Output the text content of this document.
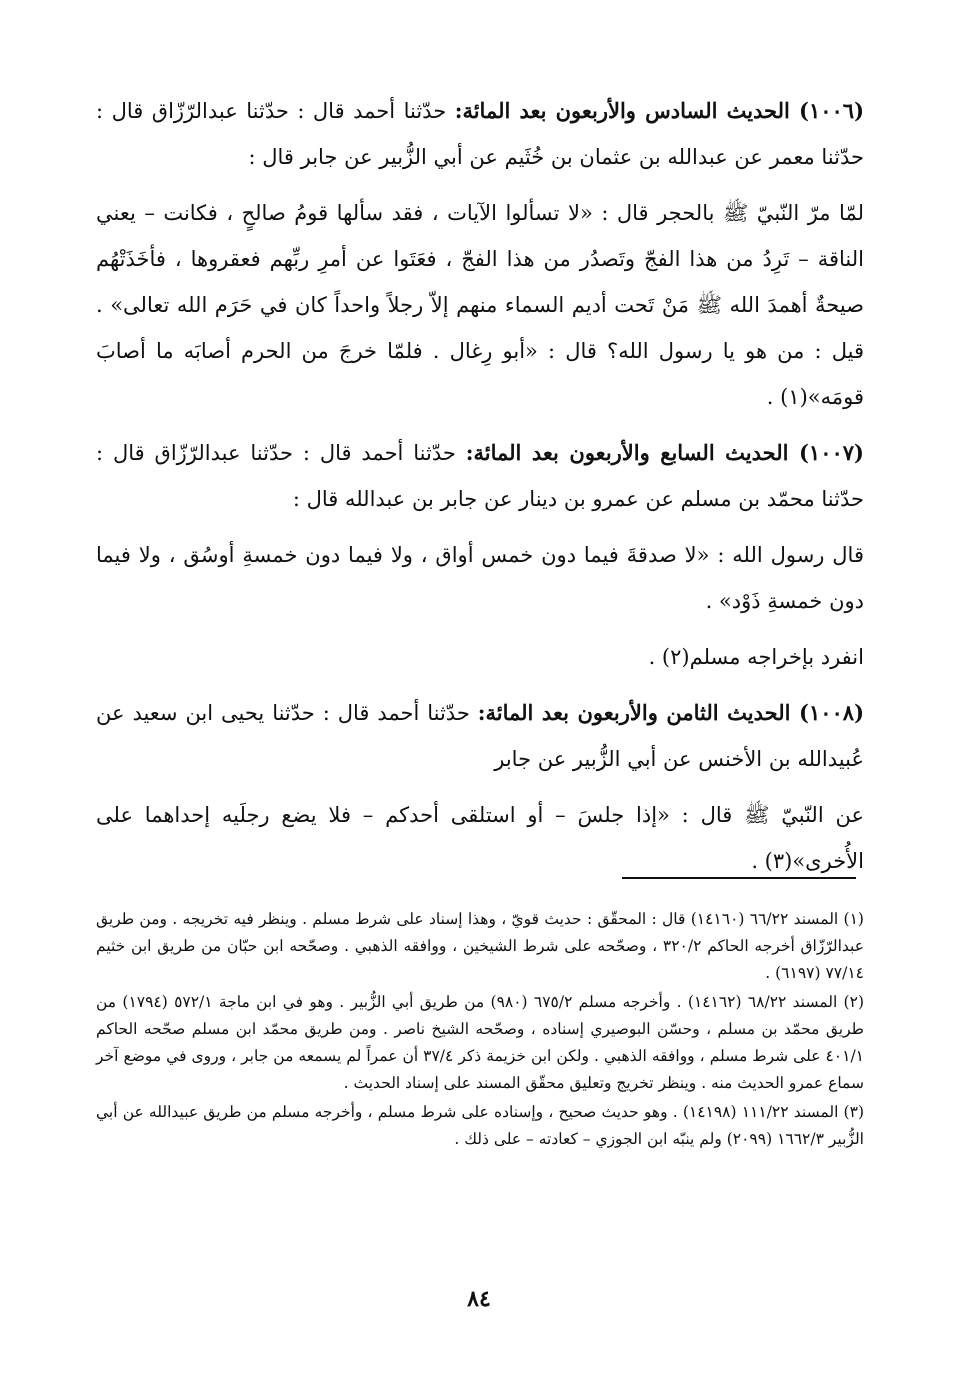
(١٠٠٦) الحديث السادس والأربعون بعد المائة: حدّثنا أحمد قال : حدّثنا عبدالرّزّاق قال : حدّثنا معمر عن عبدالله بن عثمان بن خُثَيم عن أبي الزُّبير عن جابر قال :

لمّا مرّ النّبيّ ﷺ بالحجر قال : «لا تسألوا الآيات ، فقد سألها قومُ صالحٍ ، فكانت – يعني الناقة – تَرِدُ من هذا الفجّ وتَصدُر من هذا الفجّ ، فعَتَوا عن أمرِ ربِّهم فعقروها ، فأخَذَتْهُم صيحةٌ أهمدَ الله ﷺ مَنْ تَحت أديم السماء منهم إلاّ رجلاً واحداً كان في حَرَم الله تعالى» . قيل : من هو يا رسول الله؟ قال : «أبو رِغال . فلمّا خرجَ من الحرم أصابَه ما أصابَ قومَه»(١) .

(١٠٠٧) الحديث السابع والأربعون بعد المائة: حدّثنا أحمد قال : حدّثنا عبدالرّزّاق قال : حدّثنا محمّد بن مسلم عن عمرو بن دينار عن جابر بن عبدالله قال :

قال رسول الله : «لا صدقةَ فيما دون خمس أواق ، ولا فيما دون خمسةِ أوسُق ، ولا فيما دون خمسةِ ذَوْد» .

انفرد بإخراجه مسلم(٢) .

(١٠٠٨) الحديث الثامن والأربعون بعد المائة: حدّثنا أحمد قال : حدّثنا يحيى ابن سعيد عن عُبيدالله بن الأخنس عن أبي الزُّبير عن جابر

عن النّبيّ ﷺ قال : «إذا جلسَ – أو استلقى أحدكم – فلا يضع رجلَيه إحداهما على الأُخرى»(٣) .

(١) المسند ٦٦/٢٢ (١٤١٦٠) قال : المحقّق : حديث قويّ ، وهذا إسناد على شرط مسلم . وينظر فيه تخريجه . ومن طريق عبدالرّزّاق أخرجه الحاكم ٣٢٠/٢ ، وصحّحه على شرط الشيخين ، ووافقه الذهبي . وصحّحه ابن حبّان من طريق ابن خثيم ٧٧/١٤ (٦١٩٧) .

(٢) المسند ٦٨/٢٢ (١٤١٦٢) . وأخرجه مسلم ٦٧٥/٢ (٩٨٠) من طريق أبي الزُّبير . وهو في ابن ماجة ٥٧٢/١ (١٧٩٤) من طريق محمّد بن مسلم ، وحسّن البوصيري إسناده ، وصحّحه الشيخ ناصر . ومن طريق محمّد ابن مسلم صحّحه الحاكم ٤٠١/١ على شرط مسلم ، ووافقه الذهبي . ولكن ابن خزيمة ذكر ٣٧/٤ أن عمراً لم يسمعه من جابر ، وروى في موضع آخر سماع عمرو الحديث منه . وينظر تخريج وتعليق محقّق المسند على إسناد الحديث .

(٣) المسند ١١١/٢٢ (١٤١٩٨) . وهو حديث صحيح ، وإسناده على شرط مسلم ، وأخرجه مسلم من طريق عبيدالله عن أبي الزُّبير ١٦٦٢/٣ (٢٠٩٩) ولم ينبّه ابن الجوزي – كعادته – على ذلك .

٨٤
